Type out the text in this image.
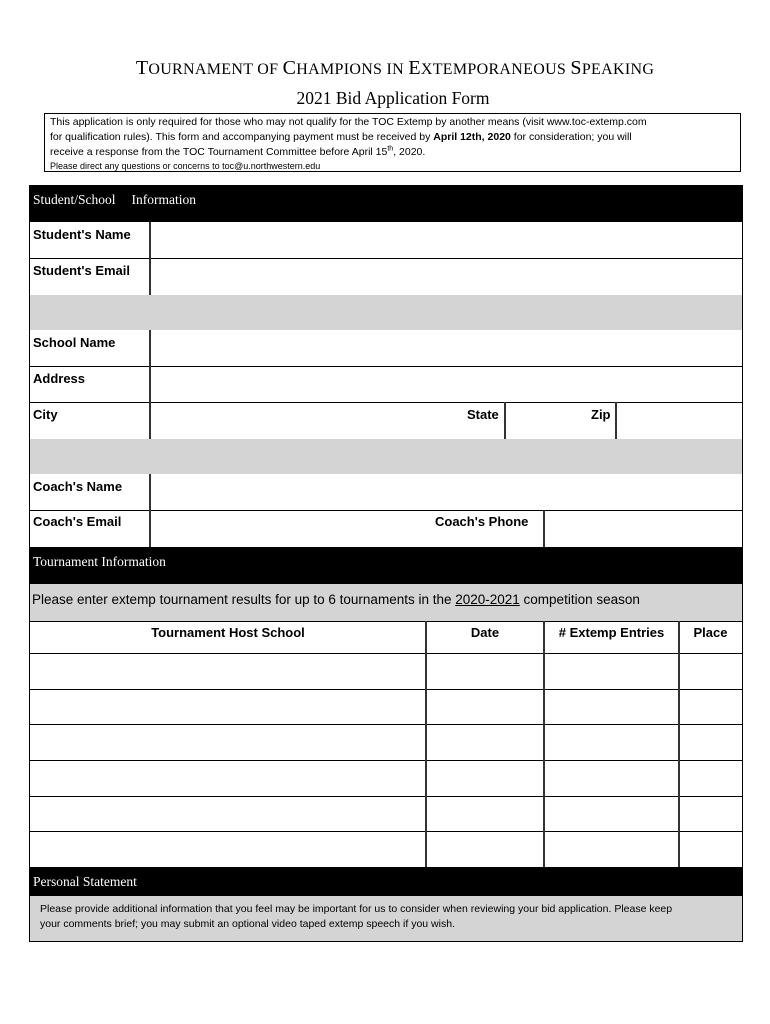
TOURNAMENT OF CHAMPIONS IN EXTEMPORANEOUS SPEAKING
2021 Bid Application Form
This application is only required for those who may not qualify for the TOC Extemp by another means (visit www.toc-extemp.com
for qualification rules). This form and accompanying payment must be received by April 12th, 2020 for consideration; you will
receive a response from the TOC Tournament Committee before April 15th, 2020.
Please direct any questions or concerns to toc@u.northwestern.edu
Student/School Information
Student's Name
Student's Email
School Name
Address
City	State	Zip
Coach's Name
Coach's Email	Coach's Phone
Tournament Information
Please enter extemp tournament results for up to 6 tournaments in the 2020-2021 competition season
Tournament Host School	Date	# Extemp Entries	Place
Personal Statement
Please provide additional information that you feel may be important for us to consider when reviewing your bid application. Please keep
your comments brief; you may submit an optional video taped extemp speech if you wish.
